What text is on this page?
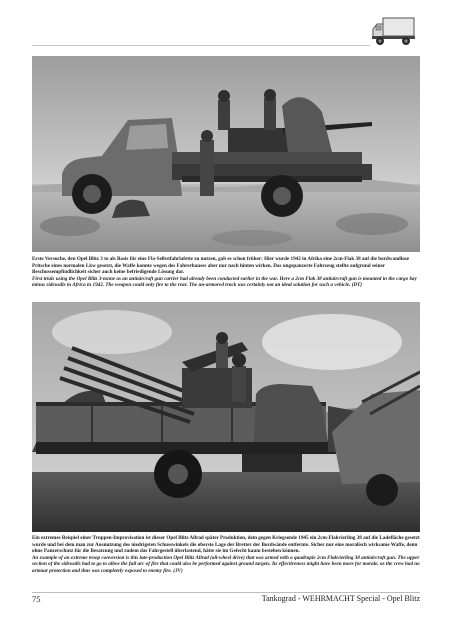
Erste Versuche, den Opel Blitz 3 to als Basis für eine Fla-Selbstfahrlafette zu nutzen, gab es schon früher: Hier wurde 1942 in Afrika eine 2cm-Flak 38 auf die bordwandlose Pritsche eines normalen Lkw gesetzt, die Waffe konnte wegen des Fahrerhauses aber nur nach hinten wirken. Das ungepanzerte Fahrzeug stellte aufgrund seiner Beschussempfindlichkeit sicher auch keine befriedigende Lösung dar.

First trials using the Opel Blitz 3-tonne as an antiaircraft gun carrier had already been conducted earlier in the war. Here a 2cm Flak 38 antiaircraft gun is mounted in the cargo bay minus sidewalls in Africa in 1942. The weapon could only fire to the rear. The un-armored truck was certainly not an ideal solution for such a vehicle. (DT)

Ein extremes Beispiel einer Truppen-Improvisation ist dieser Opel Blitz Allrad später Produktion, dem gegen Kriegsende 1945 ein 2cm-Flakvierling 38 auf die Ladefläche gesetzt wurde und bei dem man zur Ausnutzung des niedrigsten Schusswinkels die oberste Lage der Bretter der Bordwände entfernte. Sicher nur eine moralisch wirksame Waffe, denn ohne Panzerschutz für die Besatzung und zudem das Fahrgestell überlastend, hätte sie im Gefecht kaum bestehen können.

An example of an extreme troop conversion is this late-production Opel Blitz Allrad (all-wheel drive) that was armed with a quadruple 2cm Flakvierling 38 antiaircraft gun. The upper section of the sidewalls had to go to allow the full arc of fire that could also be performed against ground targets. Its effectiveness might have been more for morale, as the crew had no armour protection and thus was completely exposed to enemy fire. (JV)

75	Tankograd - WEHRMACHT Special - Opel Blitz
